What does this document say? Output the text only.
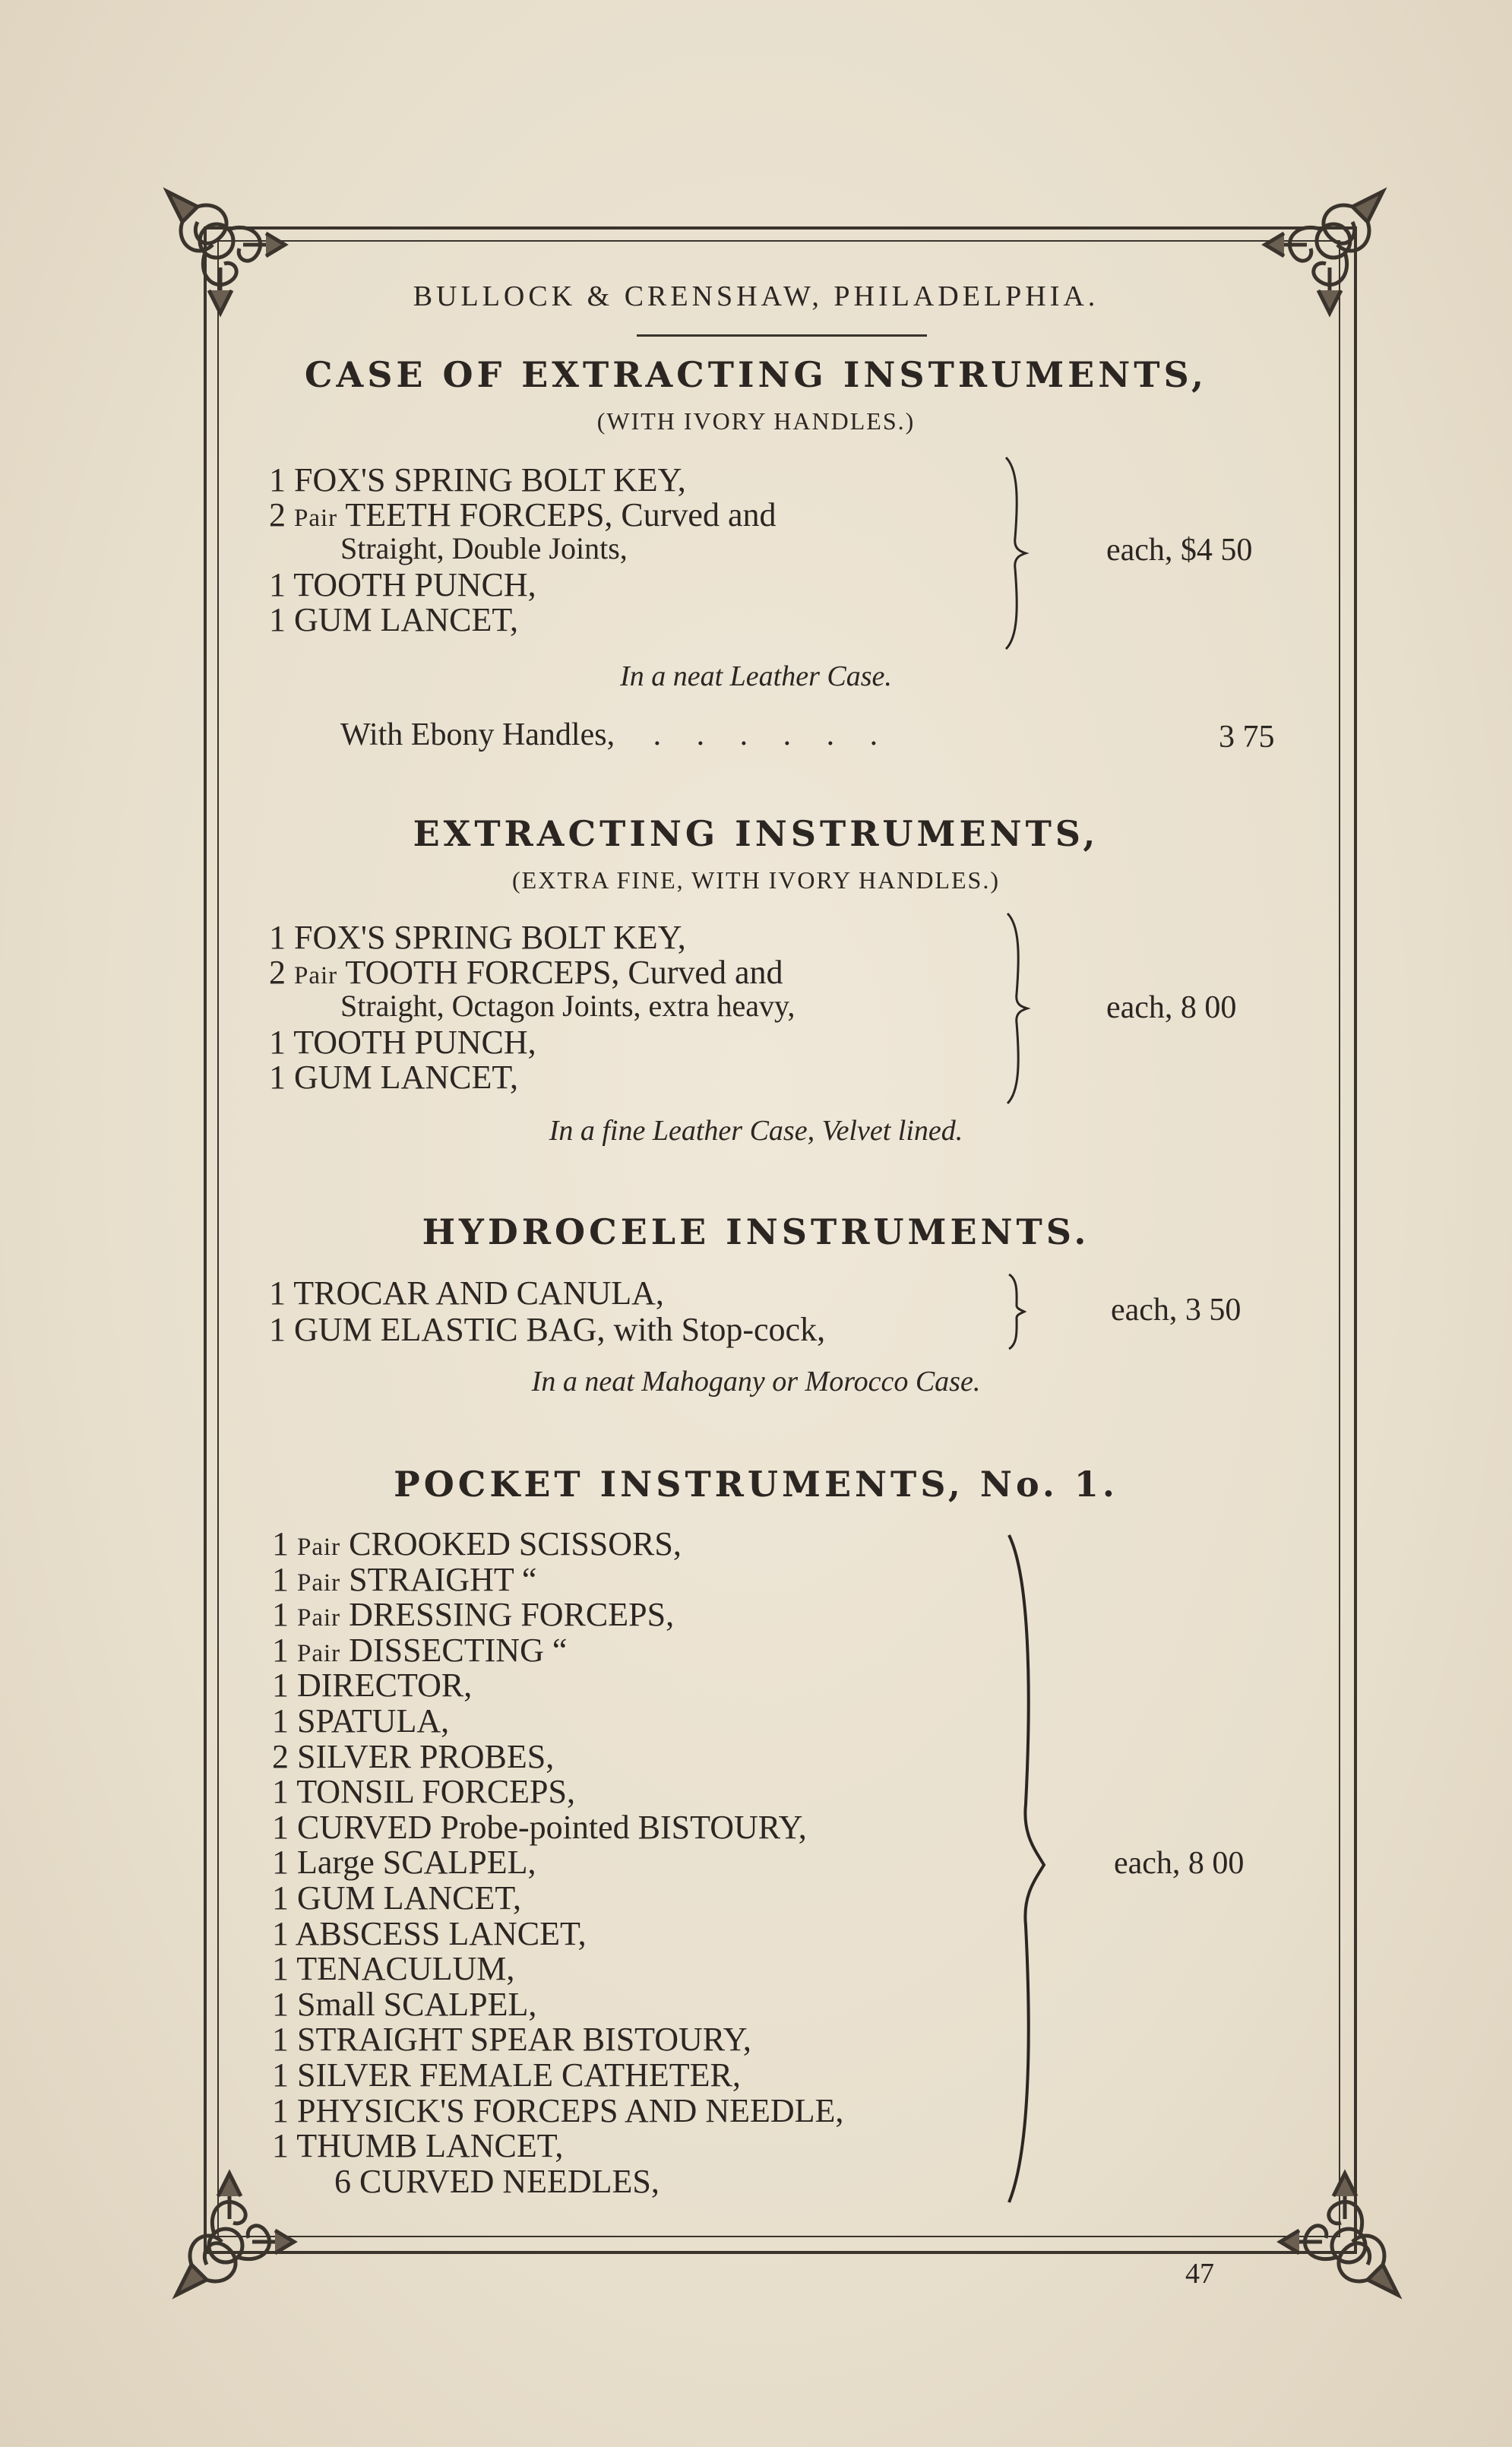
BULLOCK & CRENSHAW, PHILADELPHIA.
CASE OF EXTRACTING INSTRUMENTS,
(WITH IVORY HANDLES.)
1 FOX'S SPRING BOLT KEY,
2 Pair TEETH FORCEPS, Curved and
Straight, Double Joints,
1 TOOTH PUNCH,
1 GUM LANCET,
each, $4 50
In a neat Leather Case.
With Ebony Handles, . . . . . .	3 75
EXTRACTING INSTRUMENTS,
(EXTRA FINE, WITH IVORY HANDLES.)
1 FOX'S SPRING BOLT KEY,
2 Pair TOOTH FORCEPS, Curved and
Straight, Octagon Joints, extra heavy,
1 TOOTH PUNCH,
1 GUM LANCET,
each, 8 00
In a fine Leather Case, Velvet lined.
HYDROCELE INSTRUMENTS.
1 TROCAR AND CANULA,
1 GUM ELASTIC BAG, with Stop-cock,
each, 3 50
In a neat Mahogany or Morocco Case.
POCKET INSTRUMENTS, No. 1.
1 Pair CROOKED SCISSORS,
1 Pair STRAIGHT “
1 Pair DRESSING FORCEPS,
1 Pair DISSECTING “
1 DIRECTOR,
1 SPATULA,
2 SILVER PROBES,
1 TONSIL FORCEPS,
1 CURVED Probe-pointed BISTOURY,
1 Large SCALPEL,
1 GUM LANCET,
1 ABSCESS LANCET,
1 TENACULUM,
1 Small SCALPEL,
1 STRAIGHT SPEAR BISTOURY,
1 SILVER FEMALE CATHETER,
1 PHYSICK'S FORCEPS AND NEEDLE,
1 THUMB LANCET,
6 CURVED NEEDLES,
each, 8 00
47
